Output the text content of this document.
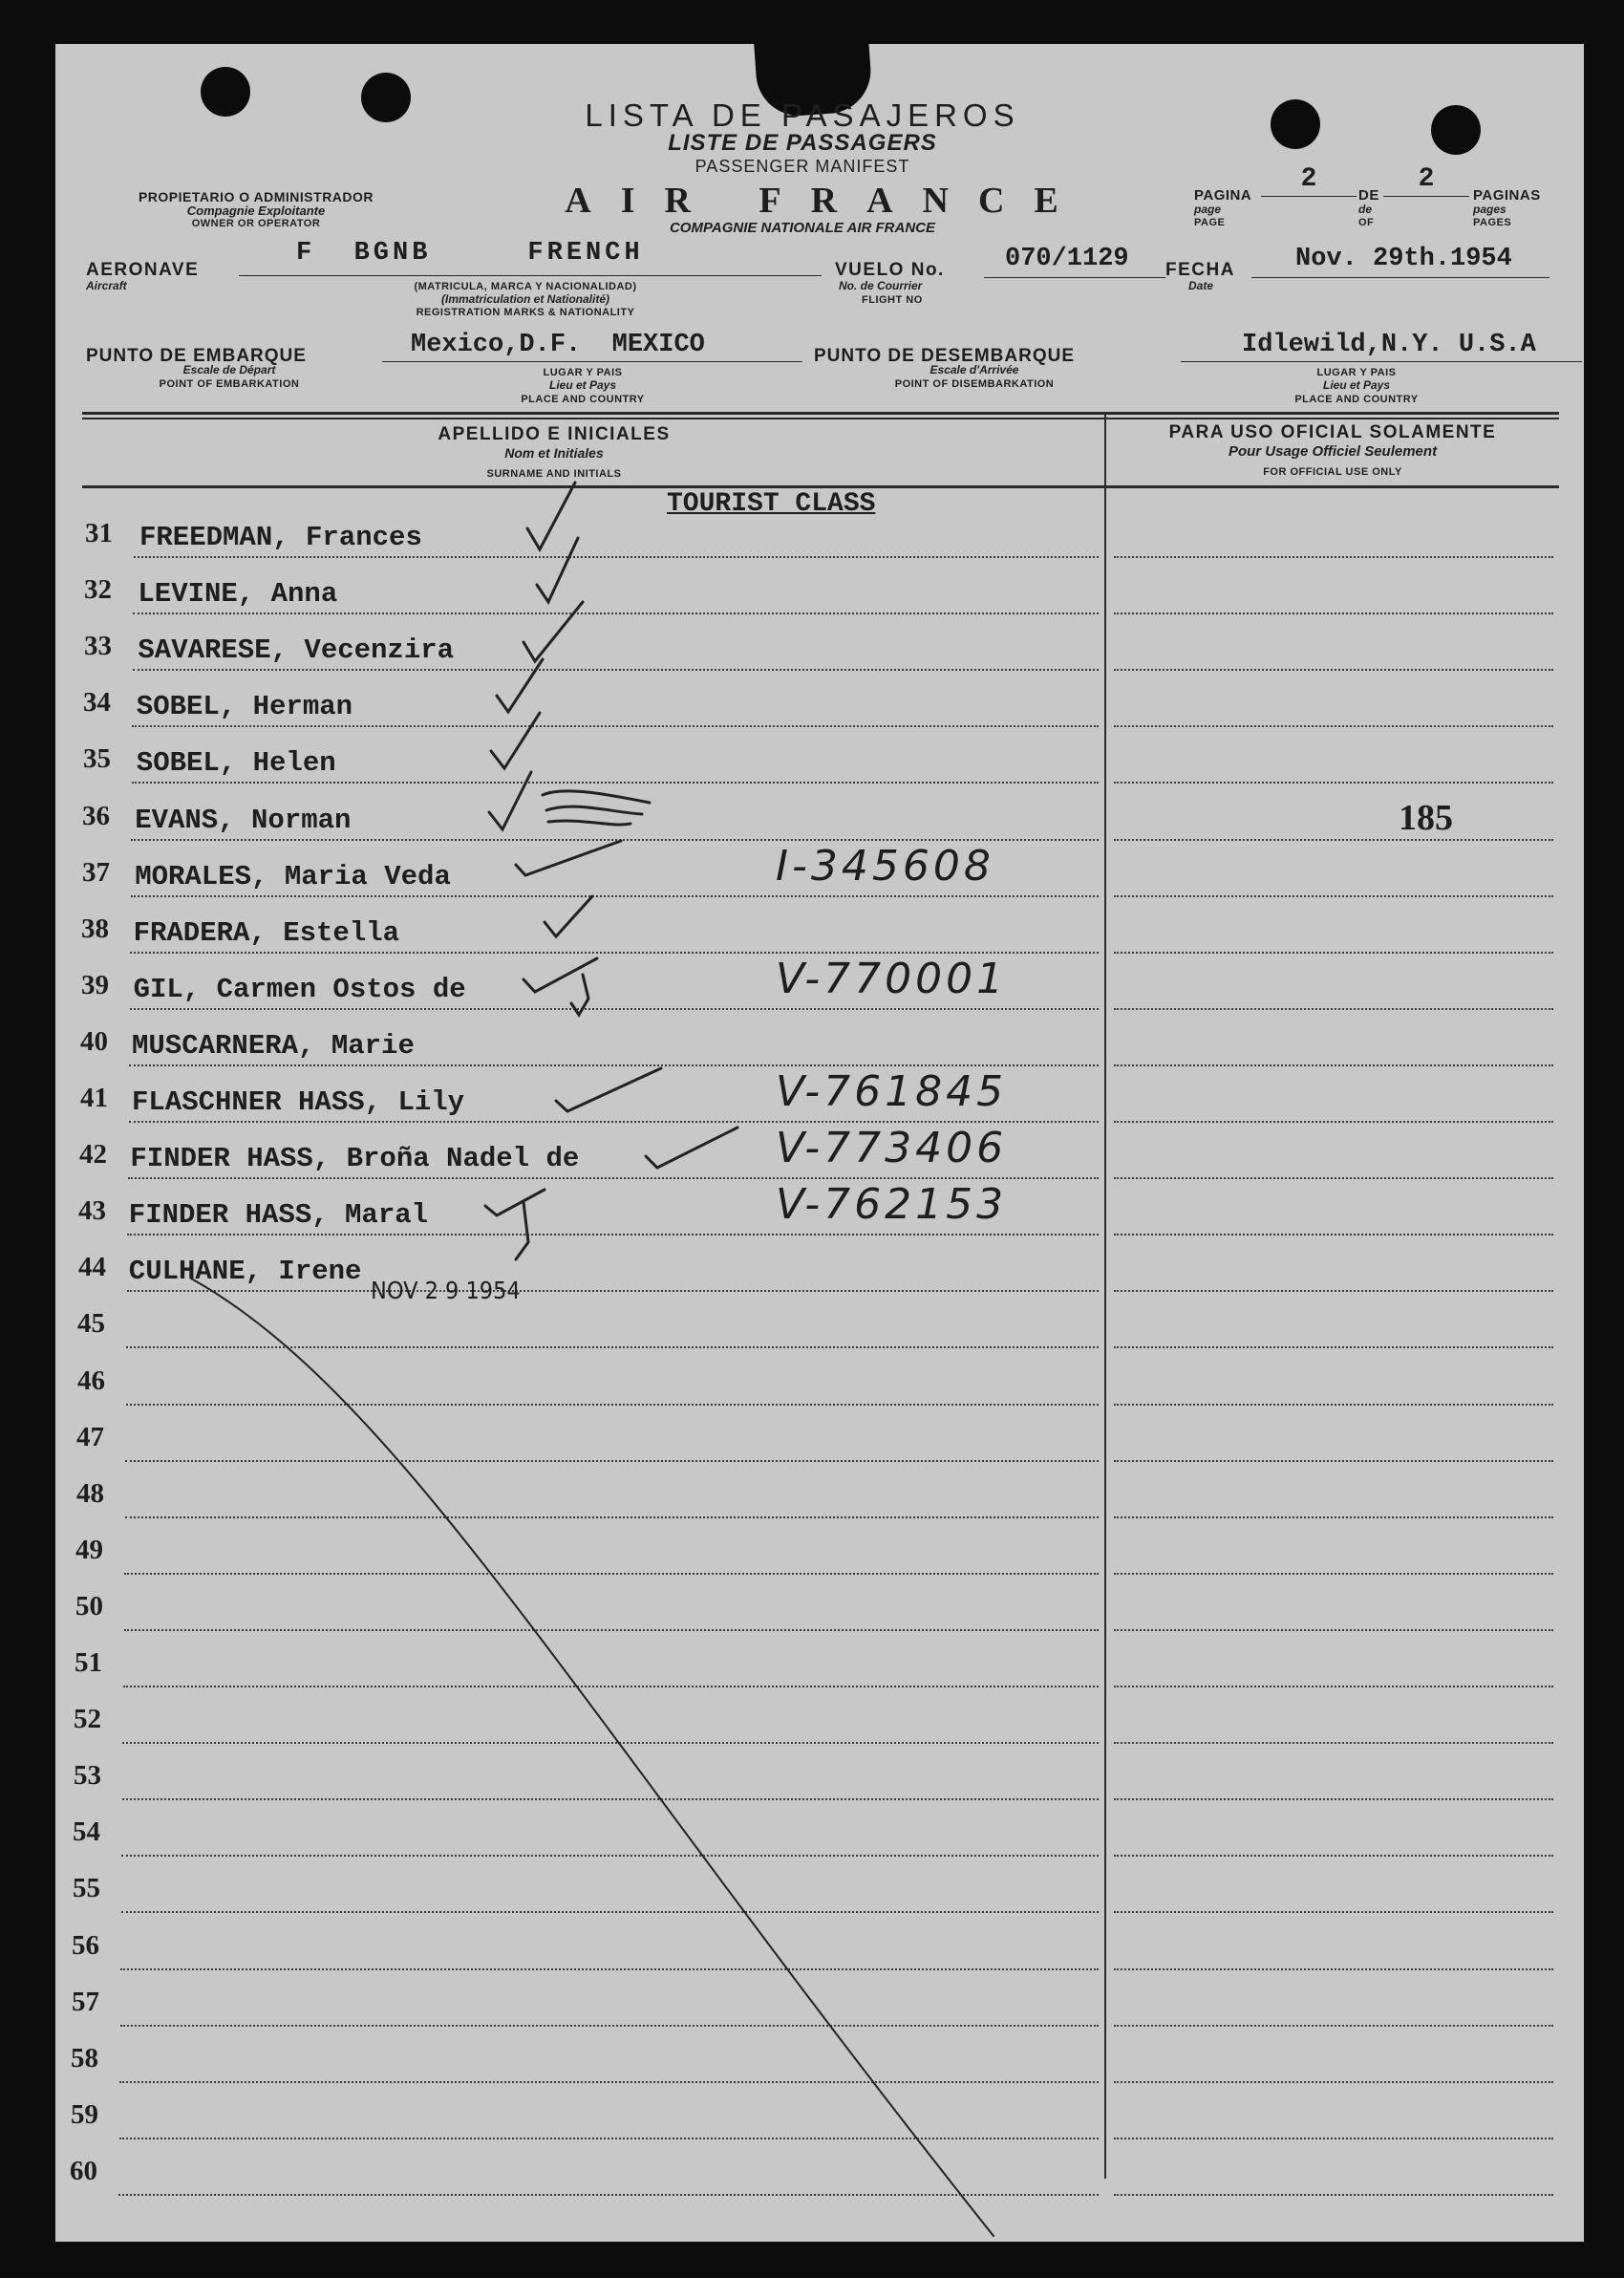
LISTA DE PASAJEROS
LISTE DE PASSAGERS
PASSENGER MANIFEST
AIR FRANCE
COMPAGNIE NATIONALE AIR FRANCE
PROPIETARIO O ADMINISTRADOR
Compagnie Exploitante
OWNER OR OPERATOR
PAGINA
page
PAGE
2
DE
de
OF
2
PAGINAS
pages
PAGES
AERONAVE
Aircraft
F  BGNB     FRENCH
(MATRICULA, MARCA Y NACIONALIDAD)
(Immatriculation et Nationalité)
REGISTRATION MARKS & NATIONALITY
VUELO No.
No. de Courrier
FLIGHT NO
070/1129 FECHA
Date
Nov. 29th.1954
PUNTO DE EMBARQUE
Escale de Départ
POINT OF EMBARKATION
Mexico,D.F.  MEXICO
LUGAR Y PAIS
Lieu et Pays
PLACE AND COUNTRY
PUNTO DE DESEMBARQUE
Escale d'Arrivée
POINT OF DISEMBARKATION
Idlewild,N.Y. U.S.A
LUGAR Y PAIS
Lieu et Pays
PLACE AND COUNTRY
APELLIDO E INICIALES
Nom et Initiales
SURNAME AND INITIALS
PARA USO OFICIAL SOLAMENTE
Pour Usage Officiel Seulement
FOR OFFICIAL USE ONLY
TOURIST CLASS
31 FREEDMAN, Frances
32 LEVINE, Anna
33 SAVARESE, Vecenzira
34 SOBEL, Herman
35 SOBEL, Helen
36 EVANS, Norman	185
37 MORALES, Maria Veda	I-345608
38 FRADERA, Estella
39 GIL, Carmen Ostos de	V-770001
40 MUSCARNERA, Marie
41 FLASCHNER HASS, Lily	V-761845
42 FINDER HASS, Broña Nadel de	V-773406
43 FINDER HASS, Maral	V-762153
44 CULHANE, Irene
45
46
47
48
49
50
51
52
53
54
55
56
57
58
59
60
NOV 2 9 1954
